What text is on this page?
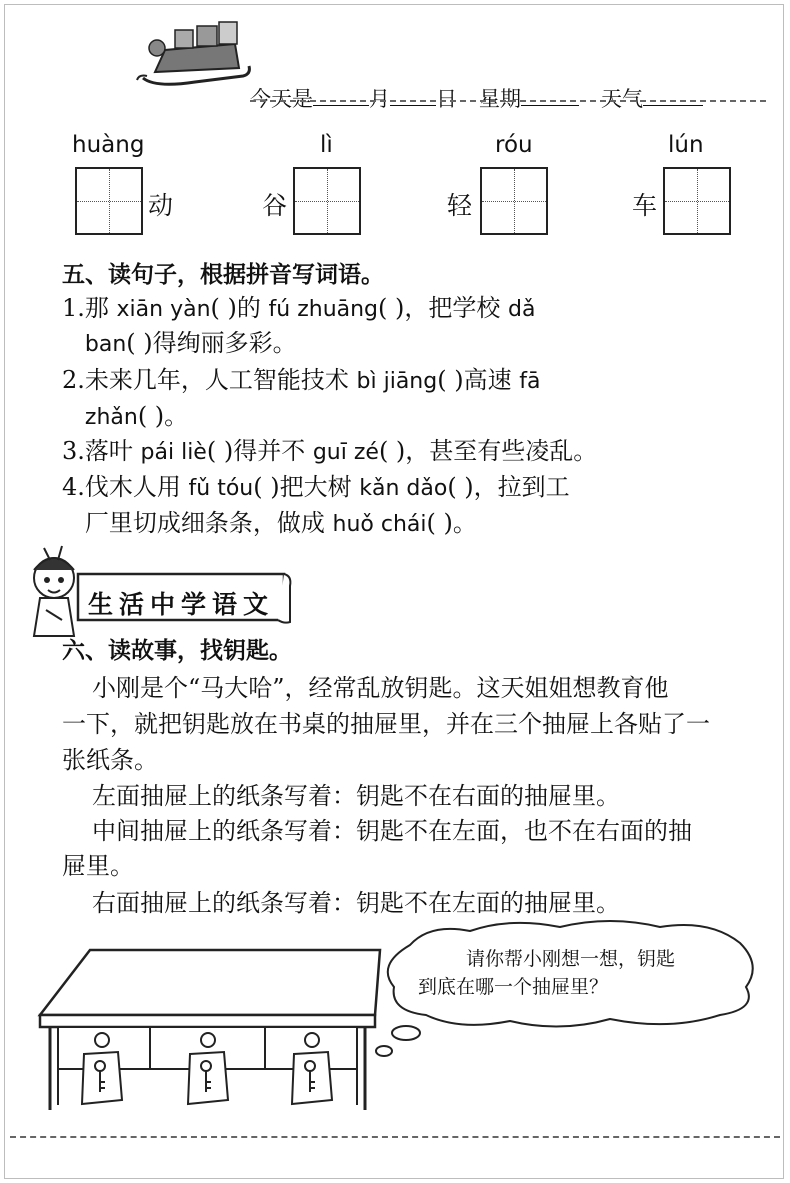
今天是	月 日 星期	天气
huàng
动
lì
谷
róu
轻
lún
车
五、读句子，根据拼音写词语。
1.那 xiān yàn( )的 fú zhuāng( )，把学校 dǎ
ban( )得绚丽多彩。
2.未来几年，人工智能技术 bì jiāng( )高速 fā
zhǎn( )。
3.落叶 pái liè( )得并不 guī zé( )，甚至有些凌乱。
4.伐木人用 fǔ tóu( )把大树 kǎn dǎo( )，拉到工
厂里切成细条条，做成 huǒ chái( )。
生活中学语文
六、读故事，找钥匙。
小刚是个“马大哈”，经常乱放钥匙。这天姐姐想教育他
一下，就把钥匙放在书桌的抽屉里，并在三个抽屉上各贴了一
张纸条。
左面抽屉上的纸条写着：钥匙不在右面的抽屉里。
中间抽屉上的纸条写着：钥匙不在左面，也不在右面的抽
屉里。
右面抽屉上的纸条写着：钥匙不在左面的抽屉里。
请你帮小刚想一想，钥匙
到底在哪一个抽屉里？
